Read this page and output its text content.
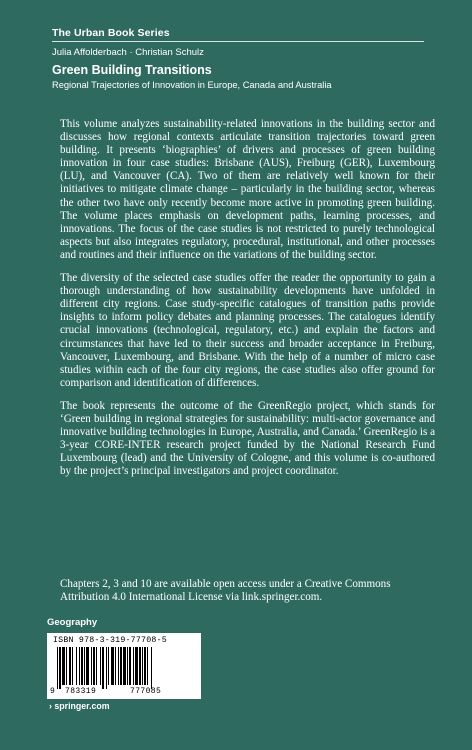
The Urban Book Series
Julia Affolderbach · Christian Schulz
Green Building Transitions
Regional Trajectories of Innovation in Europe, Canada and Australia

This volume analyzes sustainability-related innovations in the building sector and discusses how regional contexts articulate transition trajectories toward green building. It presents ‘biographies’ of drivers and processes of green building innovation in four case studies: Brisbane (AUS), Freiburg (GER), Luxembourg (LU), and Vancouver (CA). Two of them are relatively well known for their initiatives to mitigate climate change – particularly in the building sector, whereas the other two have only recently become more active in promoting green building. The volume places emphasis on development paths, learning processes, and innovations. The focus of the case studies is not restricted to purely technological aspects but also integrates regulatory, procedural, institutional, and other processes and routines and their influence on the variations of the building sector.

The diversity of the selected case studies offer the reader the opportunity to gain a thorough understanding of how sustainability developments have unfolded in different city regions. Case study-specific catalogues of transition paths provide insights to inform policy debates and planning processes. The catalogues identify crucial innovations (technological, regulatory, etc.) and explain the factors and circumstances that have led to their success and broader acceptance in Freiburg, Vancouver, Luxembourg, and Brisbane. With the help of a number of micro case studies within each of the four city regions, the case studies also offer ground for comparison and identification of differences.

The book represents the outcome of the GreenRegio project, which stands for ‘Green building in regional strategies for sustainability: multi-actor governance and innovative building technologies in Europe, Australia, and Canada.’ GreenRegio is a 3-year CORE-INTER research project funded by the National Research Fund Luxembourg (lead) and the University of Cologne, and this volume is co-authored by the project’s principal investigators and project coordinator.

Chapters 2, 3 and 10 are available open access under a Creative Commons Attribution 4.0 International License via link.springer.com.
Geography
ISBN 978-3-319-77708-5
9 783319	777085
› springer.com
